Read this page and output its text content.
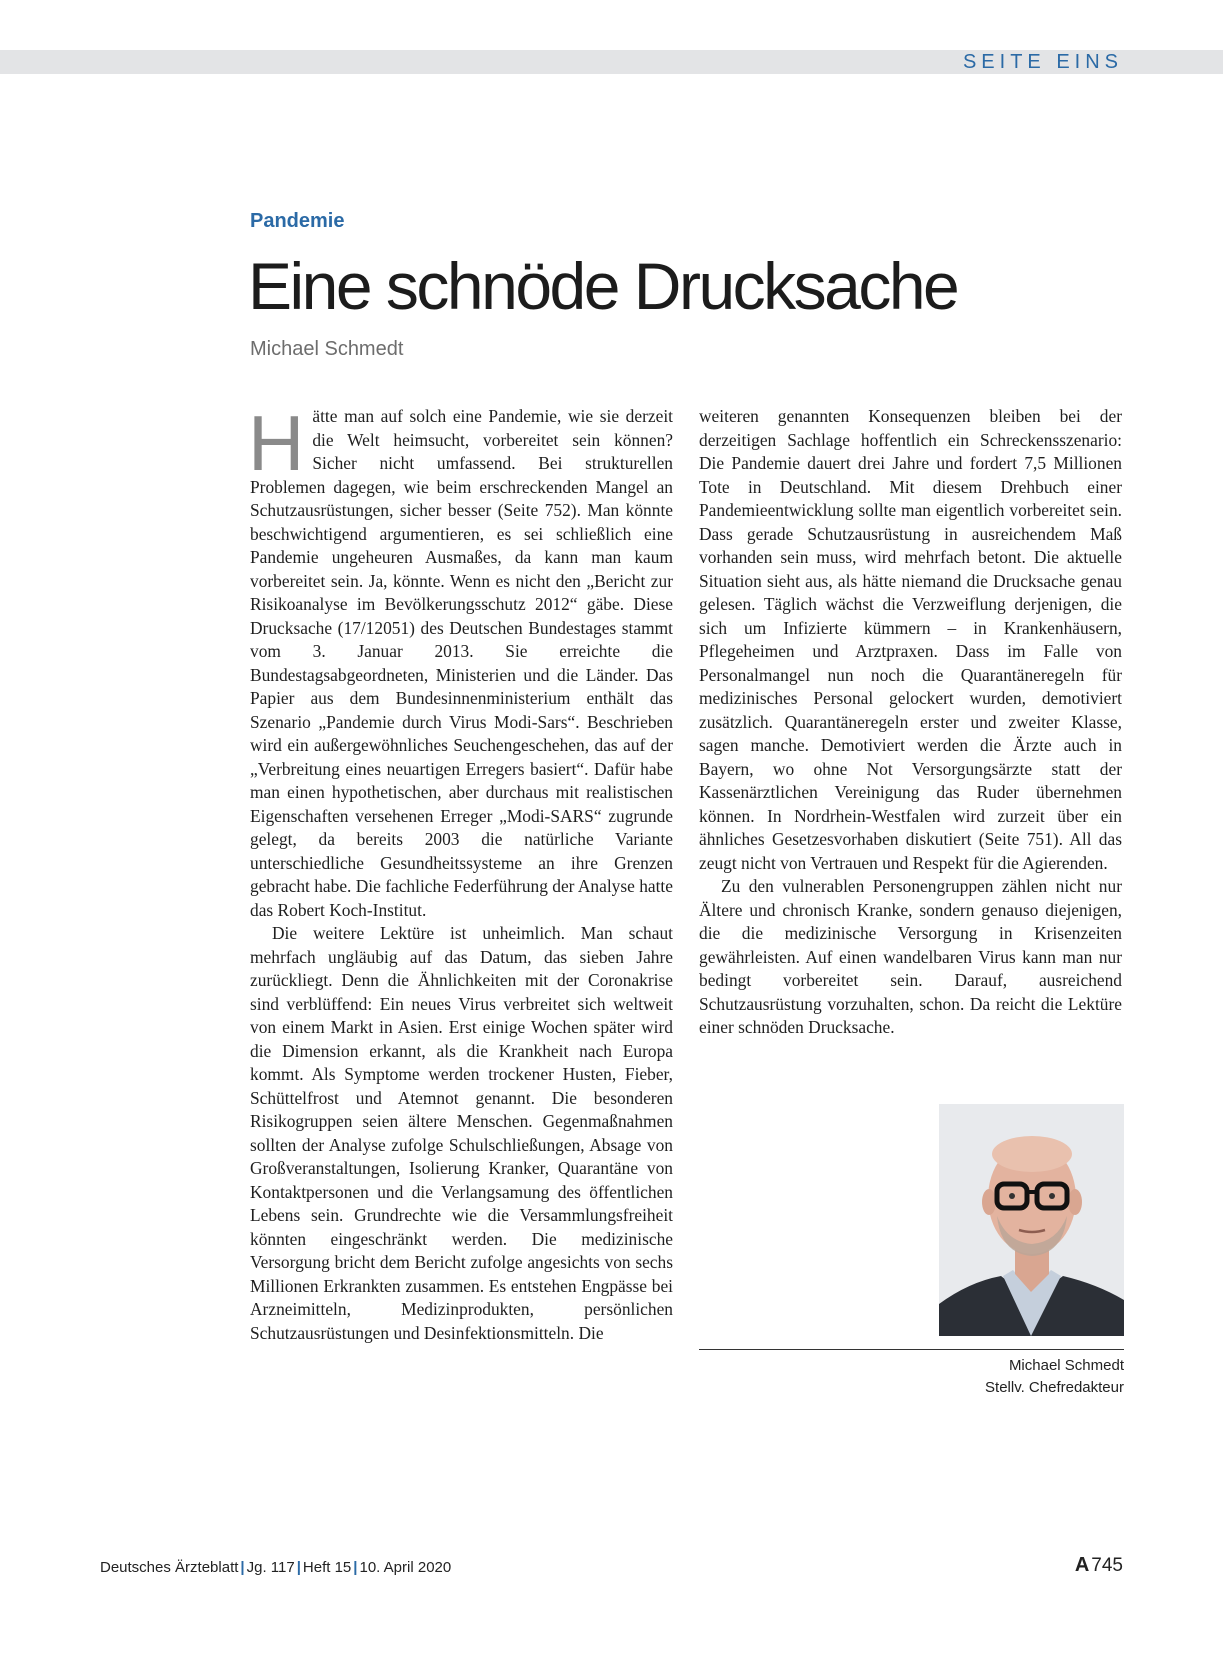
SEITE EINS
Pandemie
Eine schnöde Drucksache
Michael Schmedt

Hätte man auf solch eine Pandemie, wie sie derzeit die Welt heimsucht, vorbereitet sein können? Sicher nicht umfassend. Bei strukturellen Problemen dagegen, wie beim erschreckenden Mangel an Schutzausrüstungen, sicher besser (Seite 752). Man könnte beschwichtigend argumentieren, es sei schließlich eine Pandemie ungeheuren Ausmaßes, da kann man kaum vorbereitet sein. Ja, könnte. Wenn es nicht den „Bericht zur Risikoanalyse im Bevölkerungsschutz 2012“ gäbe. Diese Drucksache (17/12051) des Deutschen Bundestages stammt vom 3. Januar 2013. Sie erreichte die Bundestagsabgeordneten, Ministerien und die Länder. Das Papier aus dem Bundesinnenministerium enthält das Szenario „Pandemie durch Virus Modi-Sars“. Beschrieben wird ein außergewöhnliches Seuchengeschehen, das auf der „Verbreitung eines neuartigen Erregers basiert“. Dafür habe man einen hypothetischen, aber durchaus mit realistischen Eigenschaften versehenen Erreger „Modi-SARS“ zugrunde gelegt, da bereits 2003 die natürliche Variante unterschiedliche Gesundheitssysteme an ihre Grenzen gebracht habe. Die fachliche Federführung der Analyse hatte das Robert Koch-Institut.

Die weitere Lektüre ist unheimlich. Man schaut mehrfach ungläubig auf das Datum, das sieben Jahre zurückliegt. Denn die Ähnlichkeiten mit der Coronakrise sind verblüffend: Ein neues Virus verbreitet sich weltweit von einem Markt in Asien. Erst einige Wochen später wird die Dimension erkannt, als die Krankheit nach Europa kommt. Als Symptome werden trockener Husten, Fieber, Schüttelfrost und Atemnot genannt. Die besonderen Risikogruppen seien ältere Menschen. Gegenmaßnahmen sollten der Analyse zufolge Schulschließungen, Absage von Großveranstaltungen, Isolierung Kranker, Quarantäne von Kontaktpersonen und die Verlangsamung des öffentlichen Lebens sein. Grundrechte wie die Versammlungsfreiheit könnten eingeschränkt werden. Die medizinische Versorgung bricht dem Bericht zufolge angesichts von sechs Millionen Erkrankten zusammen. Es entstehen Engpässe bei Arzneimitteln, Medizinprodukten, persönlichen Schutzausrüstungen und Desinfektionsmitteln. Die

weiteren genannten Konsequenzen bleiben bei der derzeitigen Sachlage hoffentlich ein Schreckensszenario: Die Pandemie dauert drei Jahre und fordert 7,5 Millionen Tote in Deutschland. Mit diesem Drehbuch einer Pandemieentwicklung sollte man eigentlich vorbereitet sein. Dass gerade Schutzausrüstung in ausreichendem Maß vorhanden sein muss, wird mehrfach betont. Die aktuelle Situation sieht aus, als hätte niemand die Drucksache genau gelesen. Täglich wächst die Verzweiflung derjenigen, die sich um Infizierte kümmern – in Krankenhäusern, Pflegeheimen und Arztpraxen. Dass im Falle von Personalmangel nun noch die Quarantäneregeln für medizinisches Personal gelockert wurden, demotiviert zusätzlich. Quarantäneregeln erster und zweiter Klasse, sagen manche. Demotiviert werden die Ärzte auch in Bayern, wo ohne Not Versorgungsärzte statt der Kassenärztlichen Vereinigung das Ruder übernehmen können. In Nordrhein-Westfalen wird zurzeit über ein ähnliches Gesetzesvorhaben diskutiert (Seite 751). All das zeugt nicht von Vertrauen und Respekt für die Agierenden.

Zu den vulnerablen Personengruppen zählen nicht nur Ältere und chronisch Kranke, sondern genauso diejenigen, die die medizinische Versorgung in Krisenzeiten gewährleisten. Auf einen wandelbaren Virus kann man nur bedingt vorbereitet sein. Darauf, ausreichend Schutzausrüstung vorzuhalten, schon. Da reicht die Lektüre einer schnöden Drucksache.

Michael Schmedt
Stellv. Chefredakteur
Deutsches Ärzteblatt | Jg. 117 | Heft 15 | 10. April 2020	A 745
